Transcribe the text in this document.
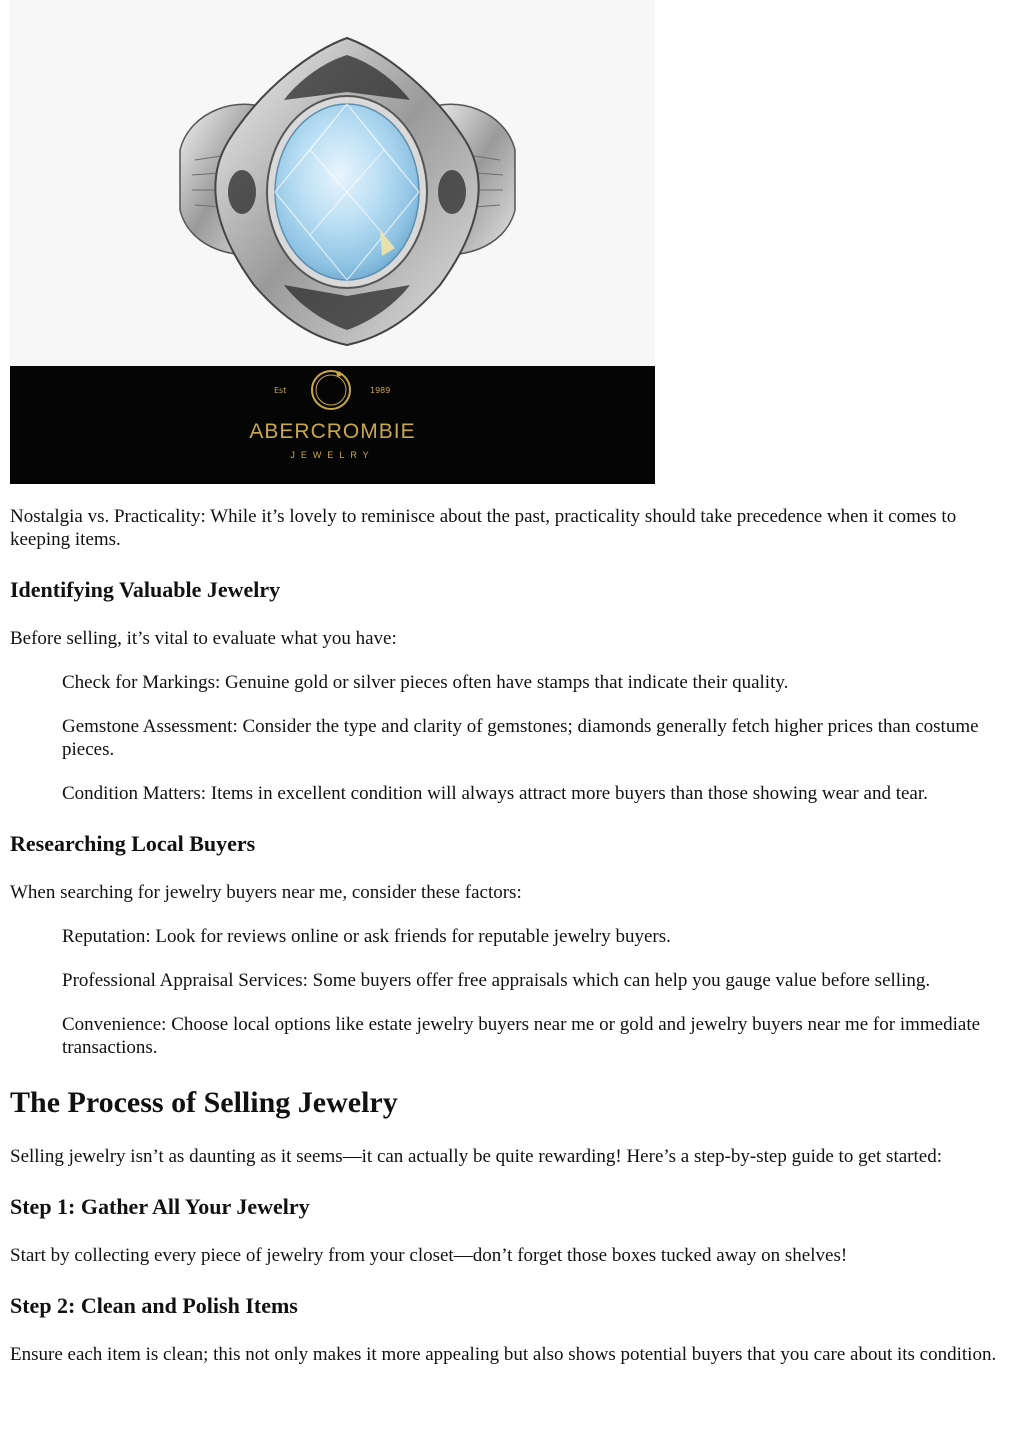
Est	1989
ABERCROMBIE
JEWELRY

Nostalgia vs. Practicality: While it’s lovely to reminisce about the past, practicality should take precedence when it comes to keeping items.

Identifying Valuable Jewelry

Before selling, it’s vital to evaluate what you have:

Check for Markings: Genuine gold or silver pieces often have stamps that indicate their quality.
Gemstone Assessment: Consider the type and clarity of gemstones; diamonds generally fetch higher prices than costume pieces.
Condition Matters: Items in excellent condition will always attract more buyers than those showing wear and tear.
Researching Local Buyers

When searching for jewelry buyers near me, consider these factors:

Reputation: Look for reviews online or ask friends for reputable jewelry buyers.
Professional Appraisal Services: Some buyers offer free appraisals which can help you gauge value before selling.
Convenience: Choose local options like estate jewelry buyers near me or gold and jewelry buyers near me for immediate transactions.
The Process of Selling Jewelry

Selling jewelry isn’t as daunting as it seems—it can actually be quite rewarding! Here’s a step-by-step guide to get started:

Step 1: Gather All Your Jewelry

Start by collecting every piece of jewelry from your closet—don’t forget those boxes tucked away on shelves!

Step 2: Clean and Polish Items

Ensure each item is clean; this not only makes it more appealing but also shows potential buyers that you care about its condition.
